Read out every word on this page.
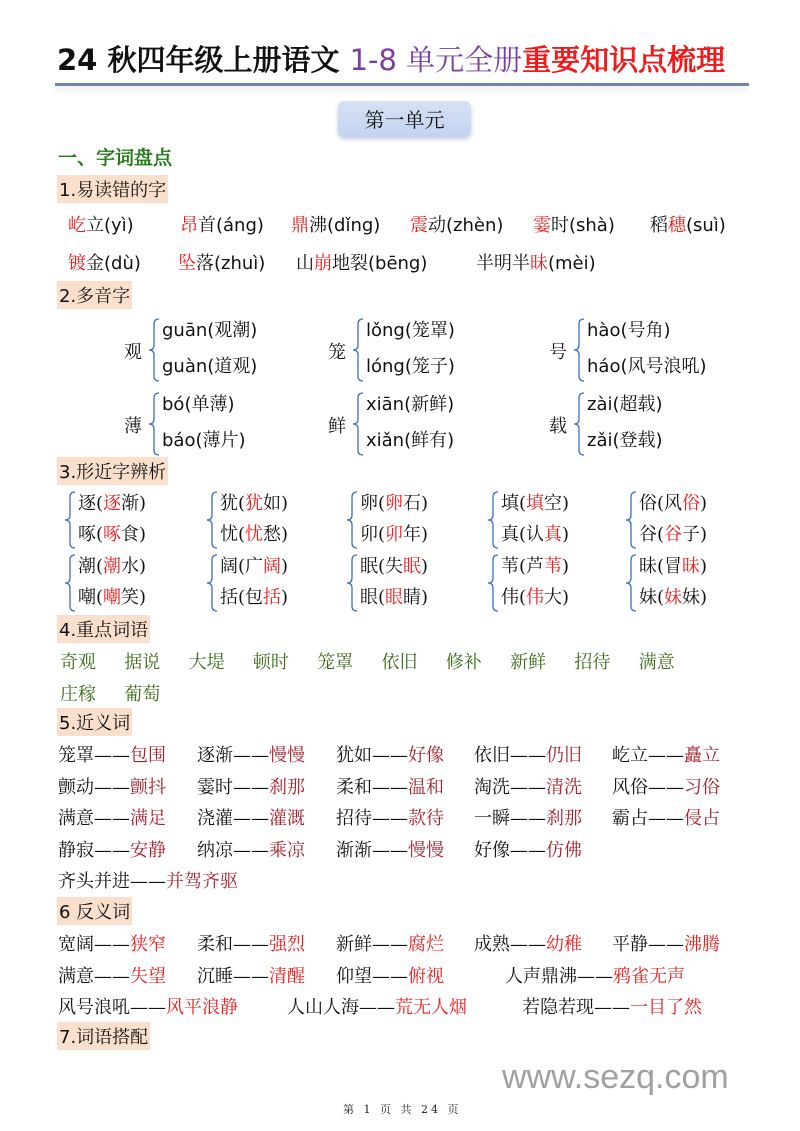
24 秋四年级上册语文 1-8 单元全册重要知识点梳理
第一单元
一、字词盘点
1.易读错的字
屹立(yì)	昂首(áng) 鼎沸(dǐng) 震动(zhèn) 霎时(shà) 稻穗(suì)
镀金(dù) 坠落(zhuì) 山崩地裂(bēng)	半明半昧(mèi)
2.多音字
观
guān(观潮)
guàn(道观)
笼
lǒng(笼罩)
lóng(笼子)
号
hào(号角)
háo(风号浪吼)
薄
bó(单薄)
báo(薄片)
鲜
xiān(新鲜)
xiǎn(鲜有)
载
zài(超载)
zǎi(登载)
3.形近字辨析
逐(逐渐)
啄(啄食)
犹(犹如)
忧(忧愁)
卵(卵石)
卯(卯年)
填(填空)
真(认真)
俗(风俗)
谷(谷子)
潮(潮水)
嘲(嘲笑)
阔(广阔)
括(包括)
眠(失眠)
眼(眼睛)
苇(芦苇)
伟(伟大)
昧(冒昧)
妹(妹妹)
4.重点词语
奇观 据说 大堤 顿时 笼罩 依旧 修补 新鲜 招待 满意
庄稼 葡萄
5.近义词
笼罩——包围 逐渐——慢慢 犹如——好像 依旧——仍旧 屹立——矗立
颤动——颤抖 霎时——刹那 柔和——温和 淘洗——清洗 风俗——习俗
满意——满足 浇灌——灌溉 招待——款待 一瞬——刹那 霸占——侵占
静寂——安静 纳凉——乘凉 渐渐——慢慢 好像——仿佛
齐头并进——并驾齐驱
6 反义词
宽阔——狭窄 柔和——强烈 新鲜——腐烂 成熟——幼稚 平静——沸腾
满意——失望 沉睡——清醒 仰望——俯视	人声鼎沸——鸦雀无声
风号浪吼——风平浪静	人山人海——荒无人烟	若隐若现——一目了然
7.词语搭配
www.sezq.com
第 1 页 共 24 页
